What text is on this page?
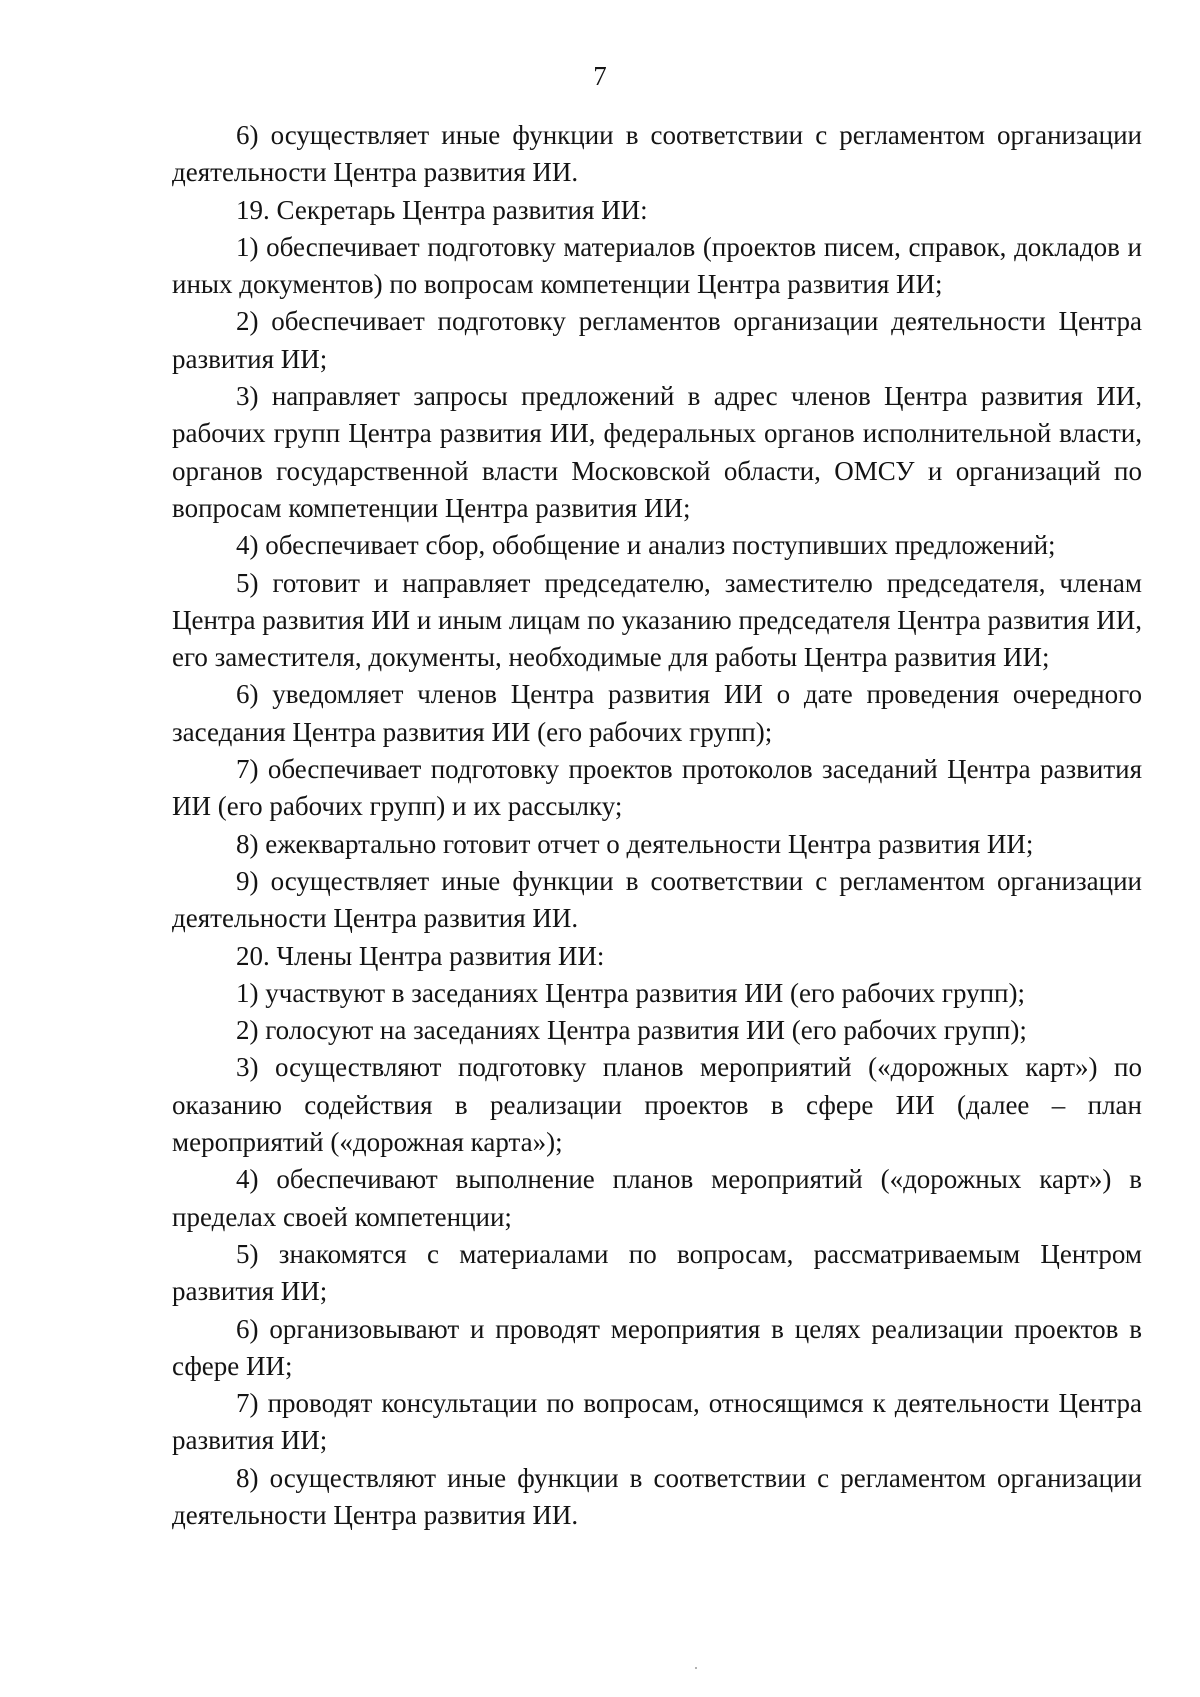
7

6) осуществляет иные функции в соответствии с регламентом организации деятельности Центра развития ИИ.

19. Секретарь Центра развития ИИ:

1) обеспечивает подготовку материалов (проектов писем, справок, докладов и иных документов) по вопросам компетенции Центра развития ИИ;

2) обеспечивает подготовку регламентов организации деятельности Центра развития ИИ;

3) направляет запросы предложений в адрес членов Центра развития ИИ, рабочих групп Центра развития ИИ, федеральных органов исполнительной власти, органов государственной власти Московской области, ОМСУ и организаций по вопросам компетенции Центра развития ИИ;

4) обеспечивает сбор, обобщение и анализ поступивших предложений;

5) готовит и направляет председателю, заместителю председателя, членам Центра развития ИИ и иным лицам по указанию председателя Центра развития ИИ, его заместителя, документы, необходимые для работы Центра развития ИИ;

6) уведомляет членов Центра развития ИИ о дате проведения очередного заседания Центра развития ИИ (его рабочих групп);

7) обеспечивает подготовку проектов протоколов заседаний Центра развития ИИ (его рабочих групп) и их рассылку;

8) ежеквартально готовит отчет о деятельности Центра развития ИИ;

9) осуществляет иные функции в соответствии с регламентом организации деятельности Центра развития ИИ.

20. Члены Центра развития ИИ:

1) участвуют в заседаниях Центра развития ИИ (его рабочих групп);

2) голосуют на заседаниях Центра развития ИИ (его рабочих групп);

3) осуществляют подготовку планов мероприятий («дорожных карт») по оказанию содействия в реализации проектов в сфере ИИ (далее – план мероприятий («дорожная карта»);

4) обеспечивают выполнение планов мероприятий («дорожных карт») в пределах своей компетенции;

5) знакомятся с материалами по вопросам, рассматриваемым Центром развития ИИ;

6) организовывают и проводят мероприятия в целях реализации проектов в сфере ИИ;

7) проводят консультации по вопросам, относящимся к деятельности Центра развития ИИ;

8) осуществляют иные функции в соответствии с регламентом организации деятельности Центра развития ИИ.
